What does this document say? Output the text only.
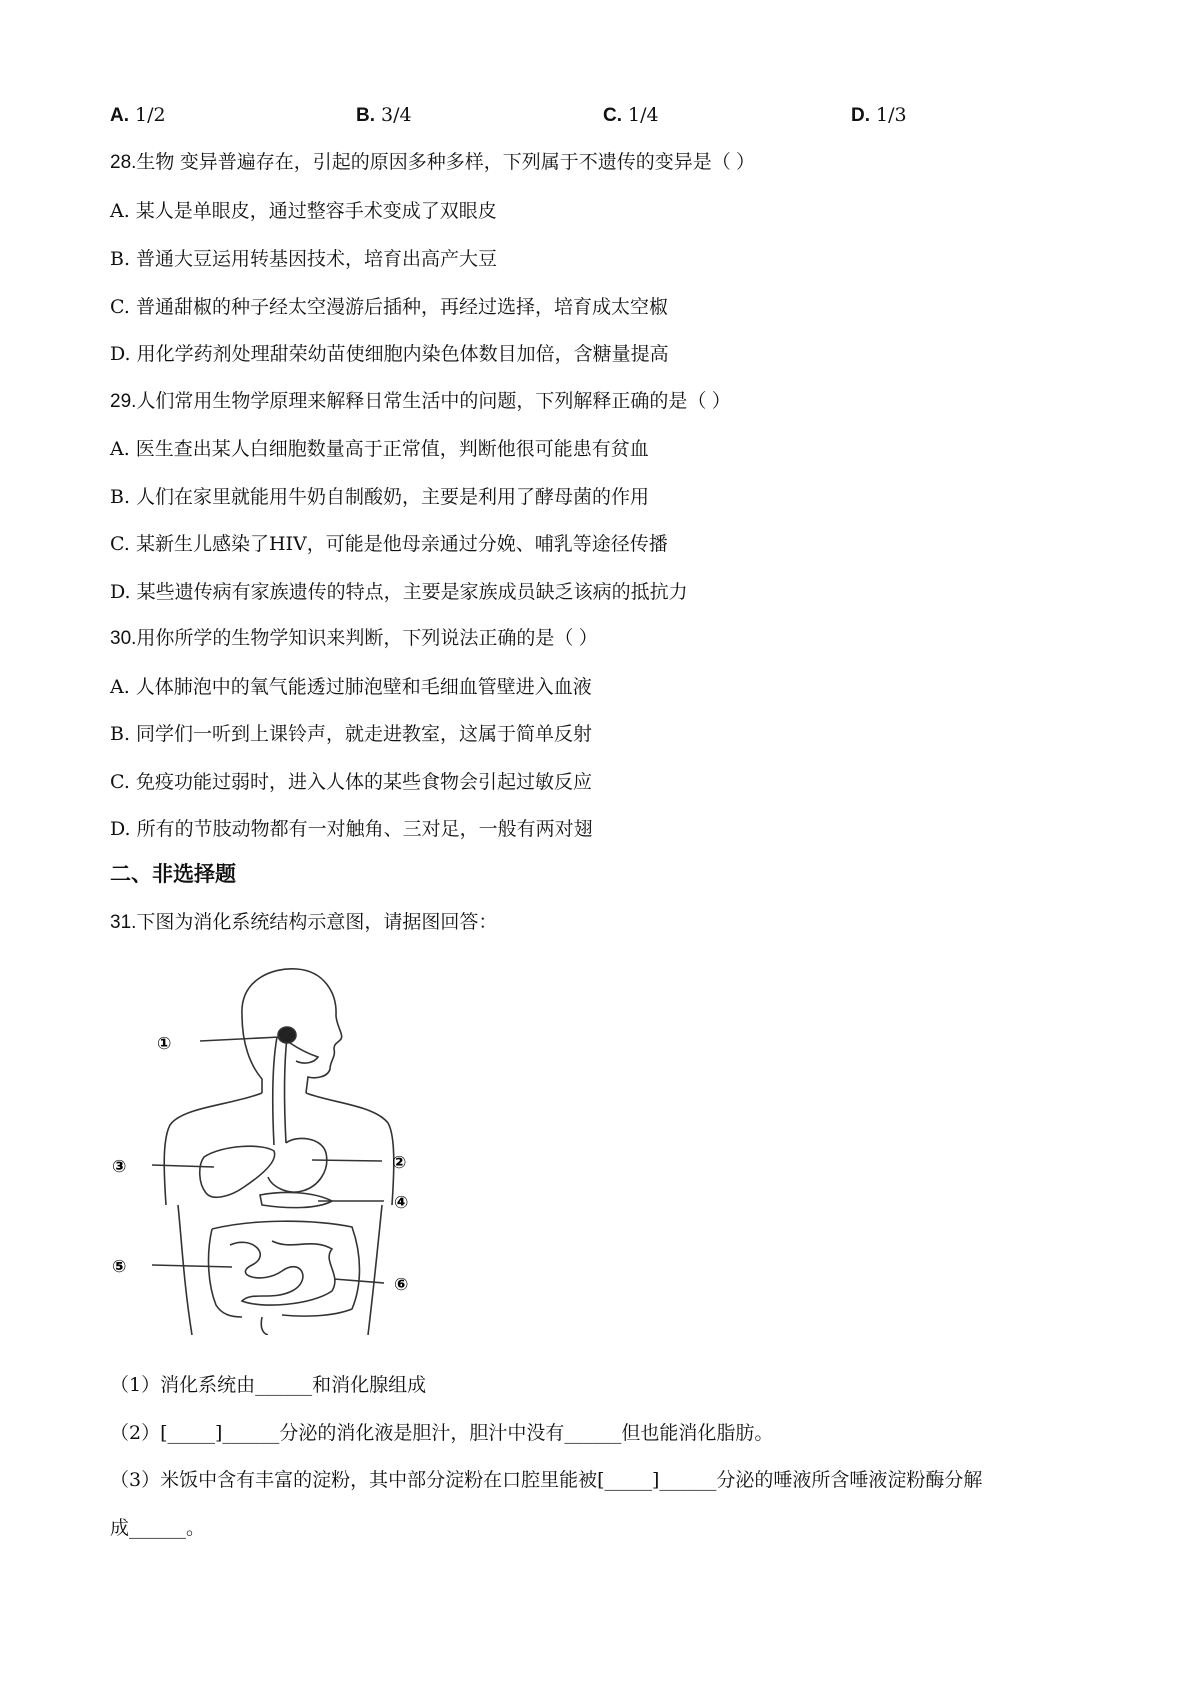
A. 1/2	B. 3/4	C. 1/4	D. 1/3
28.生物 变异普遍存在，引起的原因多种多样，下列属于不遗传的变异是（ ）
A. 某人是单眼皮，通过整容手术变成了双眼皮
B. 普通大豆运用转基因技术，培育出高产大豆
C. 普通甜椒的种子经太空漫游后插种，再经过选择，培育成太空椒
D. 用化学药剂处理甜荣幼苗使细胞内染色体数目加倍，含糖量提高
29.人们常用生物学原理来解释日常生活中的问题，下列解释正确的是（ ）
A. 医生查出某人白细胞数量高于正常值，判断他很可能患有贫血
B. 人们在家里就能用牛奶自制酸奶，主要是利用了酵母菌的作用
C. 某新生儿感染了HIV，可能是他母亲通过分娩、哺乳等途径传播
D. 某些遗传病有家族遗传的特点，主要是家族成员缺乏该病的抵抗力
30.用你所学的生物学知识来判断，下列说法正确的是（ ）
A. 人体肺泡中的氧气能透过肺泡壁和毛细血管壁进入血液
B. 同学们一听到上课铃声，就走进教室，这属于简单反射
C. 免疫功能过弱时，进入人体的某些食物会引起过敏反应
D. 所有的节肢动物都有一对触角、三对足，一般有两对翅
二、非选择题
31.下图为消化系统结构示意图，请据图回答：
①
②
③
④
⑤
⑥
（1）消化系统由______和消化腺组成
（2）[_____]______分泌的消化液是胆汁，胆汁中没有______但也能消化脂肪。
（3）米饭中含有丰富的淀粉，其中部分淀粉在口腔里能被[_____]______分泌的唾液所含唾液淀粉酶分解
成______。
